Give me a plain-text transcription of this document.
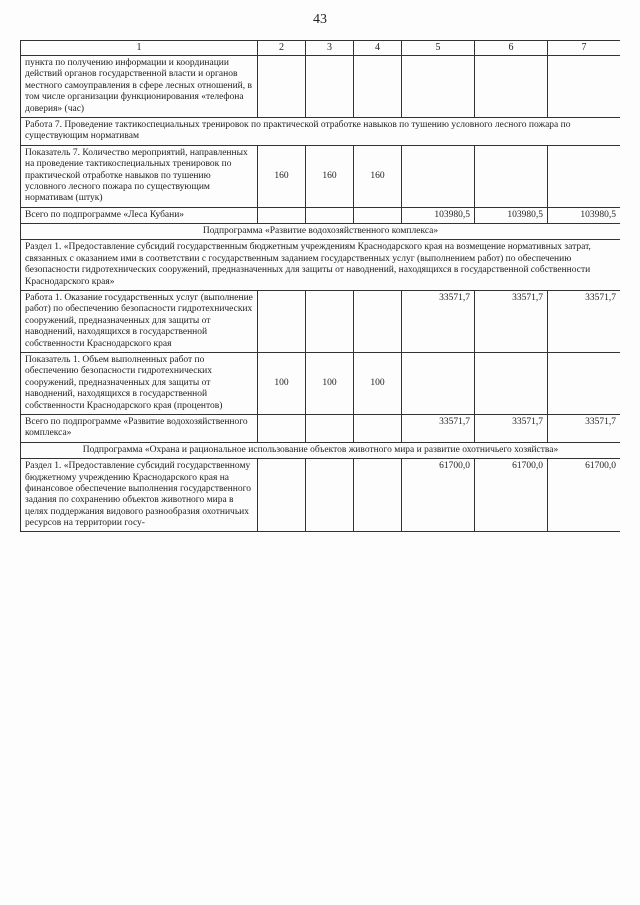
43
1	2	3	4	5	6	7
пункта по получению информации и координации действий органов государственной власти и органов местного самоуправления в сфере лесных отношений, в том числе организации функционирования «телефона доверия» (час)						
Работа 7. Проведение тактикоспециальных тренировок по практической отработке навыков по тушению условного лесного пожара по существующим нормативам						
Показатель 7. Количество мероприятий, направленных на проведение тактикоспециальных тренировок по практической отработке навыков по тушению условного лесного пожара по существующим нормативам (штук)	160	160	160			
Всего по подпрограмме «Леса Кубани»				103980,5	103980,5	103980,5
Подпрограмма «Развитие водохозяйственного комплекса»						
Раздел 1. «Предоставление субсидий государственным бюджетным учреждениям Краснодарского края на возмещение нормативных затрат, связанных с оказанием ими в соответствии с государственным заданием государственных услуг (выполнением работ) по обеспечению безопасности гидротехнических сооружений, предназначенных для защиты от наводнений, находящихся в государственной собственности Краснодарского края»						
Работа 1. Оказание государственных услуг (выполнение работ) по обеспечению безопасности гидротехнических сооружений, предназначенных для защиты от наводнений, находящихся в государственной собственности Краснодарского края				33571,7	33571,7	33571,7
Показатель 1. Объем выполненных работ по обеспечению безопасности гидротехнических сооружений, предназначенных для защиты от наводнений, находящихся в государственной собственности Краснодарского края (процентов)	100	100	100			
Всего по подпрограмме «Развитие водохозяйственного комплекса»				33571,7	33571,7	33571,7
Подпрограмма «Охрана и рациональное использование объектов животного мира и развитие охотничьего хозяйства»						
Раздел 1. «Предоставление субсидий государственному бюджетному учреждению Краснодарского края на финансовое обеспечение выполнения государственного задания по сохранению объектов животного мира в целях поддержания видового разнообразия охотничьих ресурсов на территории госу-				61700,0	61700,0	61700,0
